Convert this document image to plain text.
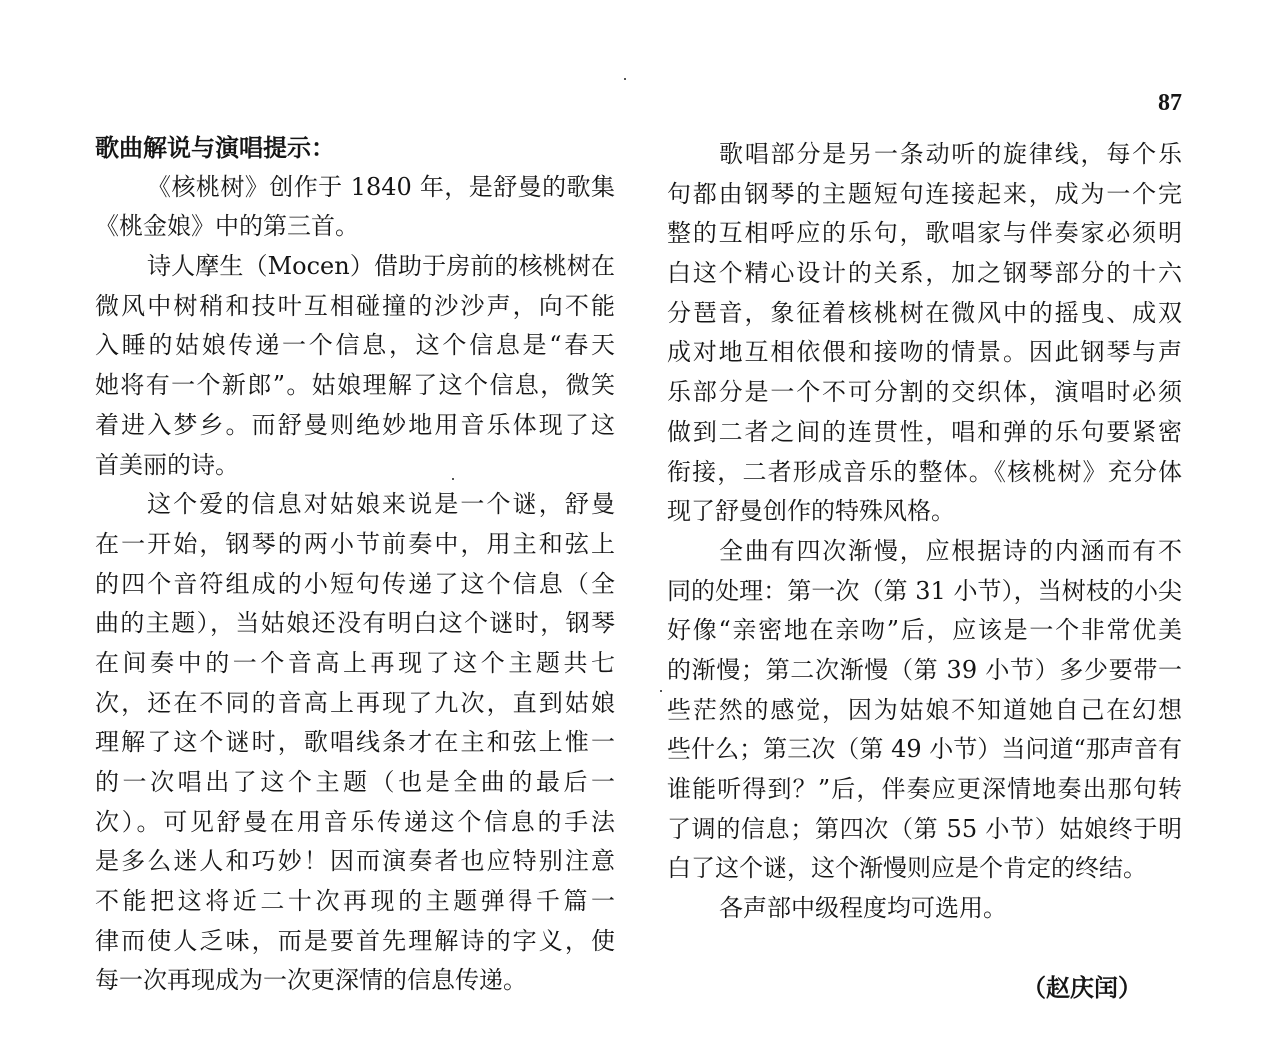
87
歌曲解说与演唱提示：
《核桃树》创作于 1840 年，是舒曼的歌集
《桃金娘》中的第三首。
诗人摩生（Mocen）借助于房前的核桃树在
微风中树稍和技叶互相碰撞的沙沙声，向不能
入睡的姑娘传递一个信息，这个信息是“春天
她将有一个新郎”。姑娘理解了这个信息，微笑
着进入梦乡。而舒曼则绝妙地用音乐体现了这
首美丽的诗。
这个爱的信息对姑娘来说是一个谜，舒曼
在一开始，钢琴的两小节前奏中，用主和弦上
的四个音符组成的小短句传递了这个信息（全
曲的主题），当姑娘还没有明白这个谜时，钢琴
在间奏中的一个音高上再现了这个主题共七
次，还在不同的音高上再现了九次，直到姑娘
理解了这个谜时，歌唱线条才在主和弦上惟一
的一次唱出了这个主题（也是全曲的最后一
次）。可见舒曼在用音乐传递这个信息的手法
是多么迷人和巧妙！因而演奏者也应特别注意
不能把这将近二十次再现的主题弹得千篇一
律而使人乏味，而是要首先理解诗的字义，使
每一次再现成为一次更深情的信息传递。
歌唱部分是另一条动听的旋律线，每个乐
句都由钢琴的主题短句连接起来，成为一个完
整的互相呼应的乐句，歌唱家与伴奏家必须明
白这个精心设计的关系，加之钢琴部分的十六
分琶音，象征着核桃树在微风中的摇曳、成双
成对地互相依偎和接吻的情景。因此钢琴与声
乐部分是一个不可分割的交织体，演唱时必须
做到二者之间的连贯性，唱和弹的乐句要紧密
衔接，二者形成音乐的整体。《核桃树》充分体
现了舒曼创作的特殊风格。
全曲有四次渐慢，应根据诗的内涵而有不
同的处理：第一次（第 31 小节），当树枝的小尖
好像“亲密地在亲吻”后，应该是一个非常优美
的渐慢；第二次渐慢（第 39 小节）多少要带一
些茫然的感觉，因为姑娘不知道她自己在幻想
些什么；第三次（第 49 小节）当问道“那声音有
谁能听得到？”后，伴奏应更深情地奏出那句转
了调的信息；第四次（第 55 小节）姑娘终于明
白了这个谜，这个渐慢则应是个肯定的终结。
各声部中级程度均可选用。
（赵庆闰）
